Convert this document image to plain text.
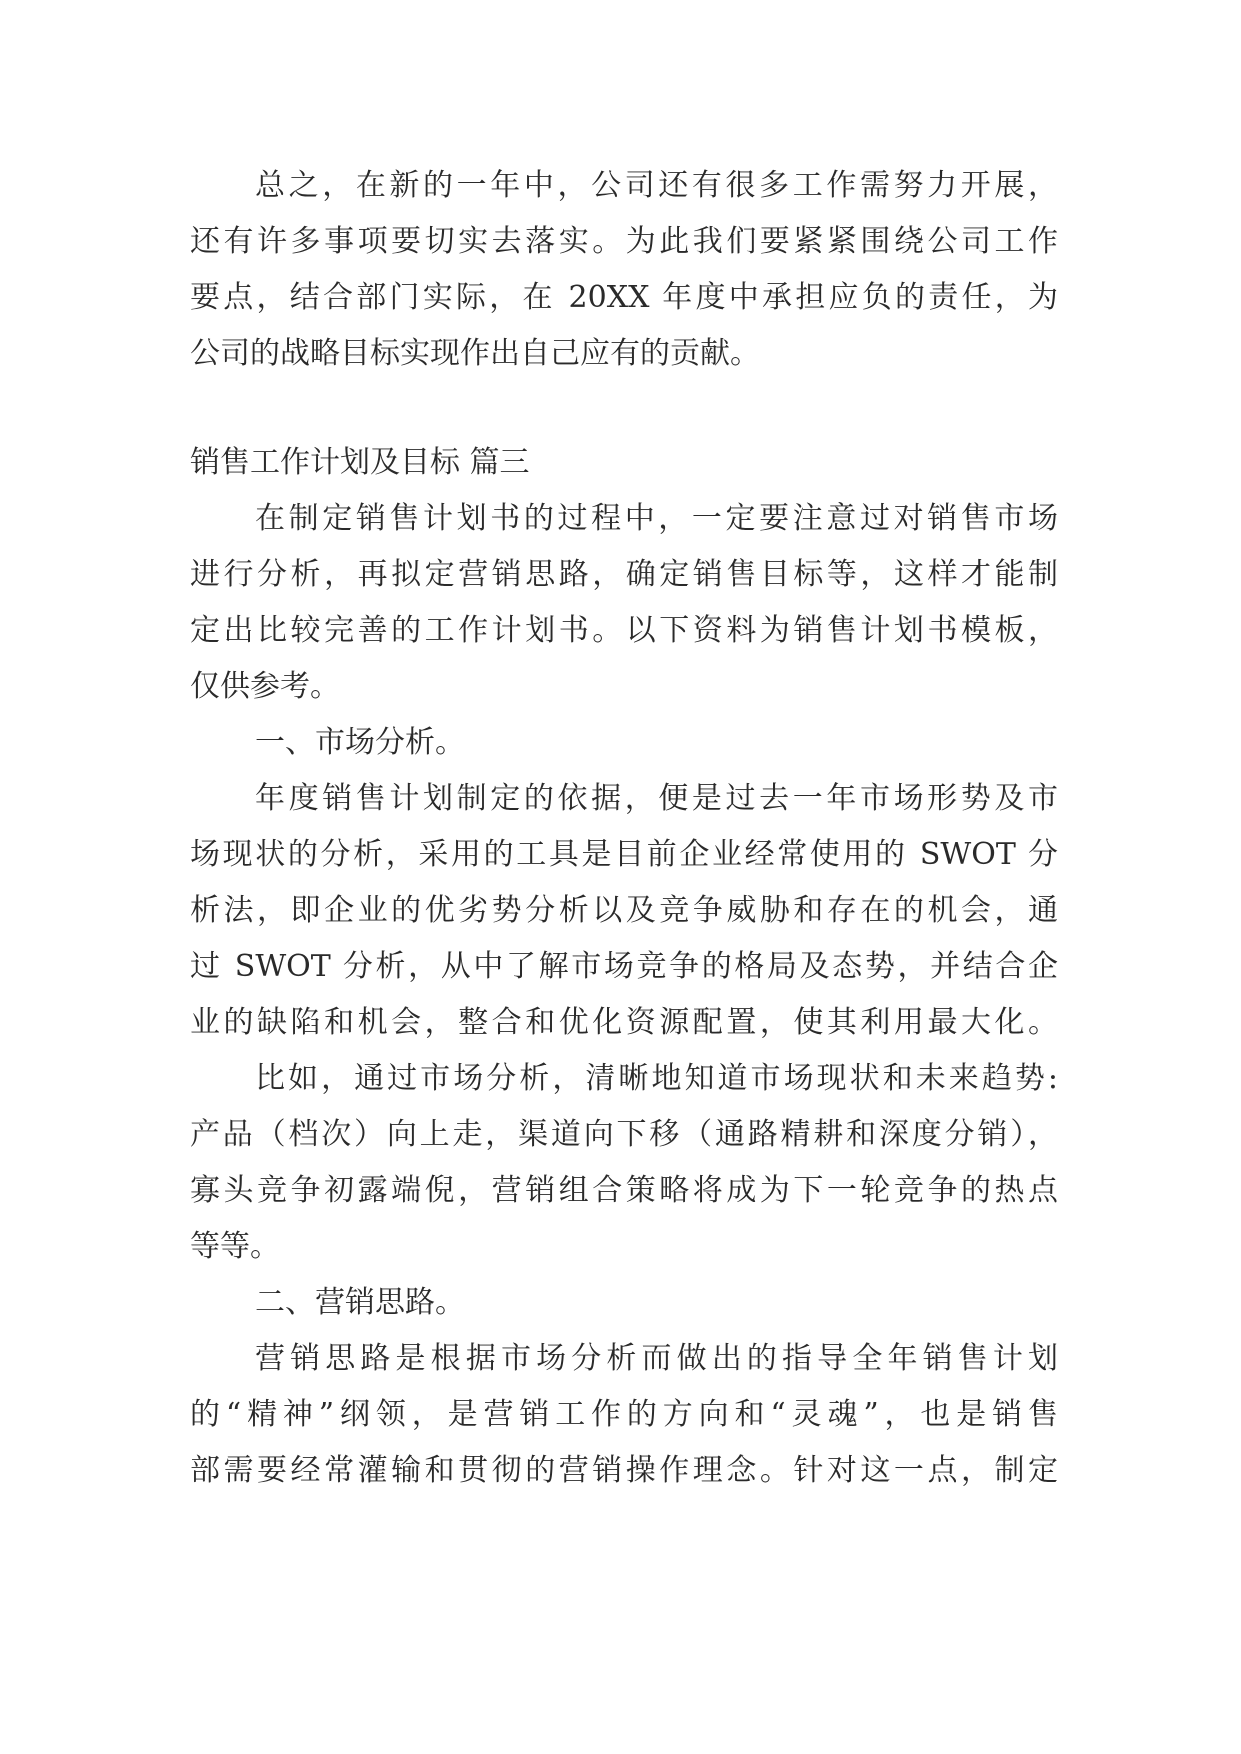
总之，在新的一年中，公司还有很多工作需努力开展，
还有许多事项要切实去落实。为此我们要紧紧围绕公司工作
要点，结合部门实际，在 20XX 年度中承担应负的责任，为
公司的战略目标实现作出自己应有的贡献。
销售工作计划及目标 篇三
在制定销售计划书的过程中，一定要注意过对销售市场
进行分析，再拟定营销思路，确定销售目标等，这样才能制
定出比较完善的工作计划书。以下资料为销售计划书模板，
仅供参考。
一、市场分析。
年度销售计划制定的依据，便是过去一年市场形势及市
场现状的分析，采用的工具是目前企业经常使用的 SWOT 分
析法，即企业的优劣势分析以及竞争威胁和存在的机会，通
过 SWOT 分析，从中了解市场竞争的格局及态势，并结合企
业的缺陷和机会，整合和优化资源配置，使其利用最大化。
比如，通过市场分析，清晰地知道市场现状和未来趋势:
产品（档次）向上走，渠道向下移（通路精耕和深度分销），
寡头竞争初露端倪，营销组合策略将成为下一轮竞争的热点
等等。
二、营销思路。
营销思路是根据市场分析而做出的指导全年销售计划
的“精神”纲领，是营销工作的方向和“灵魂”，也是销售
部需要经常灌输和贯彻的营销操作理念。针对这一点，制定
